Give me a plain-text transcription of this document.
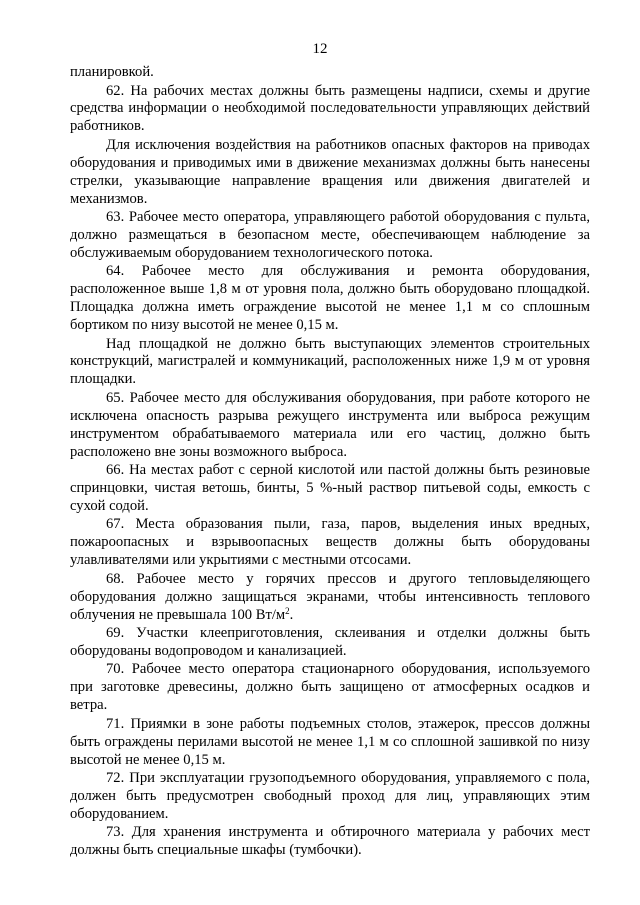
12

планировкой.

62. На рабочих местах должны быть размещены надписи, схемы и другие средства информации о необходимой последовательности управляющих действий работников.

Для исключения воздействия на работников опасных факторов на приводах оборудования и приводимых ими в движение механизмах должны быть нанесены стрелки, указывающие направление вращения или движения двигателей и механизмов.

63. Рабочее место оператора, управляющего работой оборудования с пульта, должно размещаться в безопасном месте, обеспечивающем наблюдение за обслуживаемым оборудованием технологического потока.

64. Рабочее место для обслуживания и ремонта оборудования, расположенное выше 1,8 м от уровня пола, должно быть оборудовано площадкой. Площадка должна иметь ограждение высотой не менее 1,1 м со сплошным бортиком по низу высотой не менее 0,15 м.

Над площадкой не должно быть выступающих элементов строительных конструкций, магистралей и коммуникаций, расположенных ниже 1,9 м от уровня площадки.

65. Рабочее место для обслуживания оборудования, при работе которого не исключена опасность разрыва режущего инструмента или выброса режущим инструментом обрабатываемого материала или его частиц, должно быть расположено вне зоны возможного выброса.

66. На местах работ с серной кислотой или пастой должны быть резиновые спринцовки, чистая ветошь, бинты, 5 %-ный раствор питьевой соды, емкость с сухой содой.

67. Места образования пыли, газа, паров, выделения иных вредных, пожароопасных и взрывоопасных веществ должны быть оборудованы улавливателями или укрытиями с местными отсосами.

68. Рабочее место у горячих прессов и другого тепловыделяющего оборудования должно защищаться экранами, чтобы интенсивность теплового облучения не превышала 100 $Вт/м^2$.

69. Участки клееприготовления, склеивания и отделки должны быть оборудованы водопроводом и канализацией.

70. Рабочее место оператора стационарного оборудования, используемого при заготовке древесины, должно быть защищено от атмосферных осадков и ветра.

71. Приямки в зоне работы подъемных столов, этажерок, прессов должны быть ограждены перилами высотой не менее 1,1 м со сплошной зашивкой по низу высотой не менее 0,15 м.

72. При эксплуатации грузоподъемного оборудования, управляемого с пола, должен быть предусмотрен свободный проход для лиц, управляющих этим оборудованием.

73. Для хранения инструмента и обтирочного материала у рабочих мест должны быть специальные шкафы (тумбочки).
